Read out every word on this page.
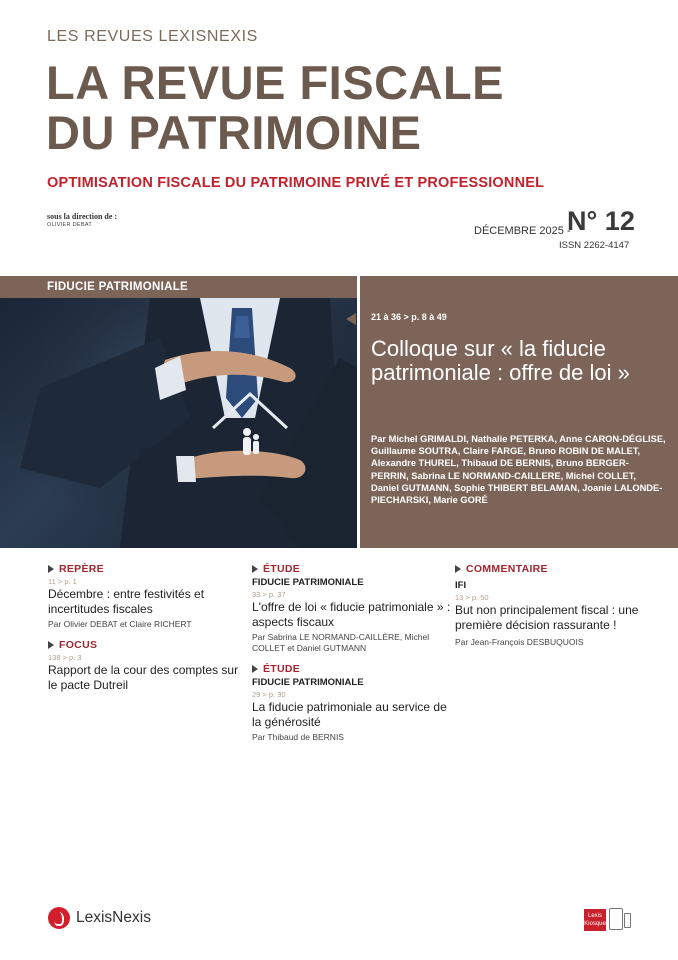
LES REVUES LEXISNEXIS
LA REVUE FISCALE
DU PATRIMOINE
OPTIMISATION FISCALE DU PATRIMOINE PRIVÉ ET PROFESSIONNEL
sous la direction de :
OLIVIER DEBAT	DÉCEMBRE 2025 -
N° 12
ISSN 2262-4147
FIDUCIE PATRIMONIALE
21 à 36 > p. 8 à 49
Colloque sur « la fiducie patrimoniale : offre de loi »
Par Michel GRIMALDI, Nathalie PETERKA, Anne CARON-DÉGLISE, Guillaume SOUTRA, Claire FARGE, Bruno ROBIN DE MALET, Alexandre THUREL, Thibaud DE BERNIS, Bruno BERGER-PERRIN, Sabrina LE NORMAND-CAILLERE, Michel COLLET, Daniel GUTMANN, Sophie THIBERT BELAMAN, Joanie LALONDE-PIECHARSKI, Marie GORÉ
REPÈRE
11 > p. 1
Décembre : entre festivités et incertitudes fiscales
Par Olivier DEBAT et Claire RICHERT
FOCUS
138 > p. 3
Rapport de la cour des comptes sur le pacte Dutreil
ÉTUDE
FIDUCIE PATRIMONIALE
33 > p. 37
L'offre de loi « fiducie patrimoniale » : aspects fiscaux
Par Sabrina LE NORMAND-CAILLÈRE, Michel COLLET et Daniel GUTMANN
ÉTUDE
FIDUCIE PATRIMONIALE
29 > p. 30
La fiducie patrimoniale au service de la générosité
Par Thibaud de BERNIS
COMMENTAIRE
IFI
13 > p. 50
But non principalement fiscal : une première décision rassurante !
Par Jean-François DESBUQUOIS
LexisNexis	Lexis
Kiosque
